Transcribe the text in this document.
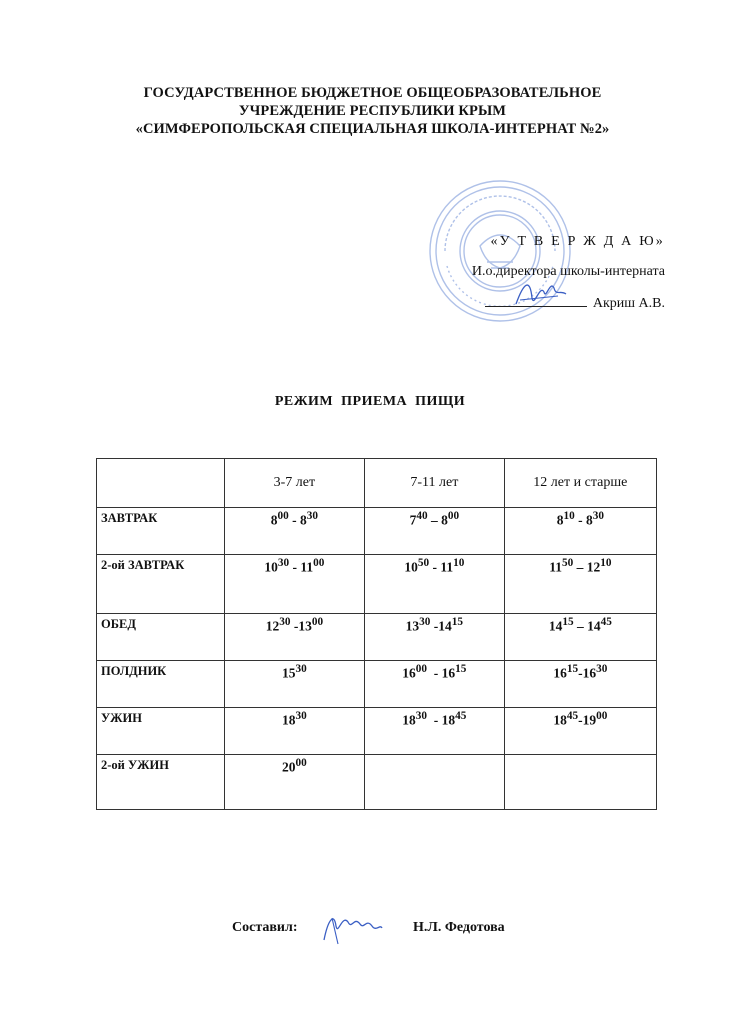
ГОСУДАРСТВЕННОЕ БЮДЖЕТНОЕ ОБЩЕОБРАЗОВАТЕЛЬНОЕ
УЧРЕЖДЕНИЕ РЕСПУБЛИКИ КРЫМ
«СИМФЕРОПОЛЬСКАЯ СПЕЦИАЛЬНАЯ ШКОЛА-ИНТЕРНАТ №2»
«У Т В Е Р Ж Д А Ю»
И.о.директора школы-интерната
Акриш А.В.
РЕЖИМ ПРИЕМА ПИЩИ
	3-7 лет	7-11 лет	12 лет и старше
ЗАВТРАК	$8^{00} - 8^{30}$	$7^{40} - 8^{00}$	$8^{10} - 8^{30}$
2-ой ЗАВТРАК	$10^{30} - 11^{00}$	$10^{50} - 11^{10}$	$11^{50} - 12^{10}$
ОБЕД	$12^{30}$ $-13^{00}$	$13^{30}$ $-14^{15}$	$14^{15} - 14^{45}$
ПОЛДНИК	$15^{30}$	$16^{00} - 16^{15}$	$16^{15}-16^{30}$
УЖИН	$18^{30}$	$18^{30} - 18^{45}$	$18^{45}-19^{00}$
2-ой УЖИН	$20^{00}$		
Составил:	Н.Л. Федотова
